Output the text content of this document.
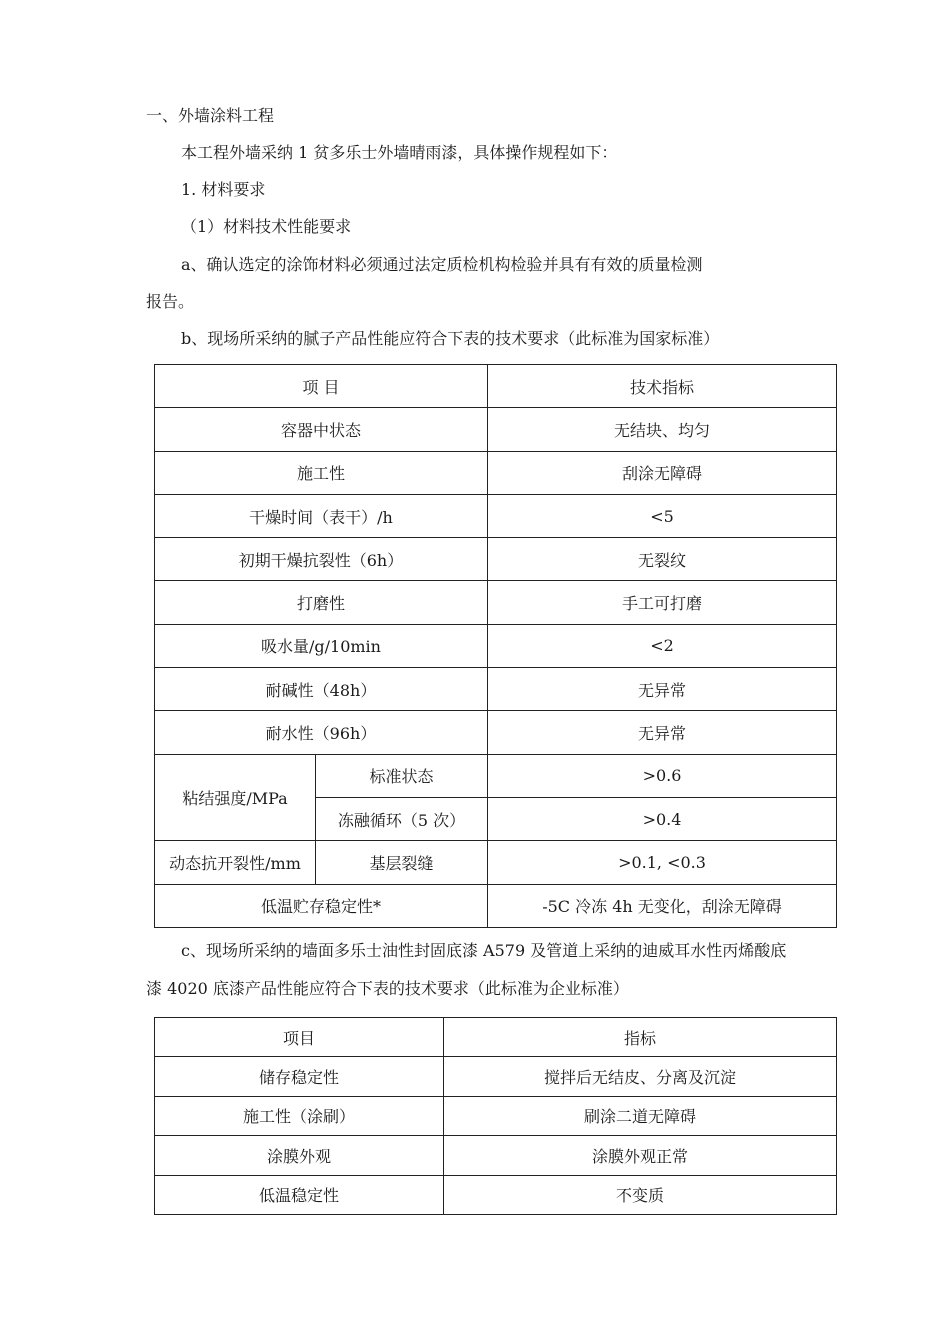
一、外墙涂料工程
本工程外墙采纳 1 贫多乐士外墙晴雨漆，具体操作规程如下：
1. 材料要求
（1）材料技术性能要求
a、确认选定的涂饰材料必须通过法定质检机构检验并具有有效的质量检测
报告。
b、现场所采纳的腻子产品性能应符合下表的技术要求（此标准为国家标准）
项 目		技术指标
容器中状态		无结块、均匀
施工性		刮涂无障碍
干燥时间（表干）/h		<5
初期干燥抗裂性（6h）		无裂纹
打磨性		手工可打磨
吸水量/g/10min		<2
耐碱性（48h）		无异常
耐水性（96h）		无异常
粘结强度/MPa	标准状态	>0.6
	冻融循环（5 次）	>0.4
动态抗开裂性/mm	基层裂缝	>0.1, <0.3
低温贮存稳定性*		-5C 冷冻 4h 无变化，刮涂无障碍
c、现场所采纳的墙面多乐士油性封固底漆 A579 及管道上采纳的迪威耳水性丙烯酸底
漆 4020 底漆产品性能应符合下表的技术要求（此标准为企业标准）
项目	指标
储存稳定性	搅拌后无结皮、分离及沉淀
施工性（涂刷）	刷涂二道无障碍
涂膜外观	涂膜外观正常
低温稳定性	不变质
